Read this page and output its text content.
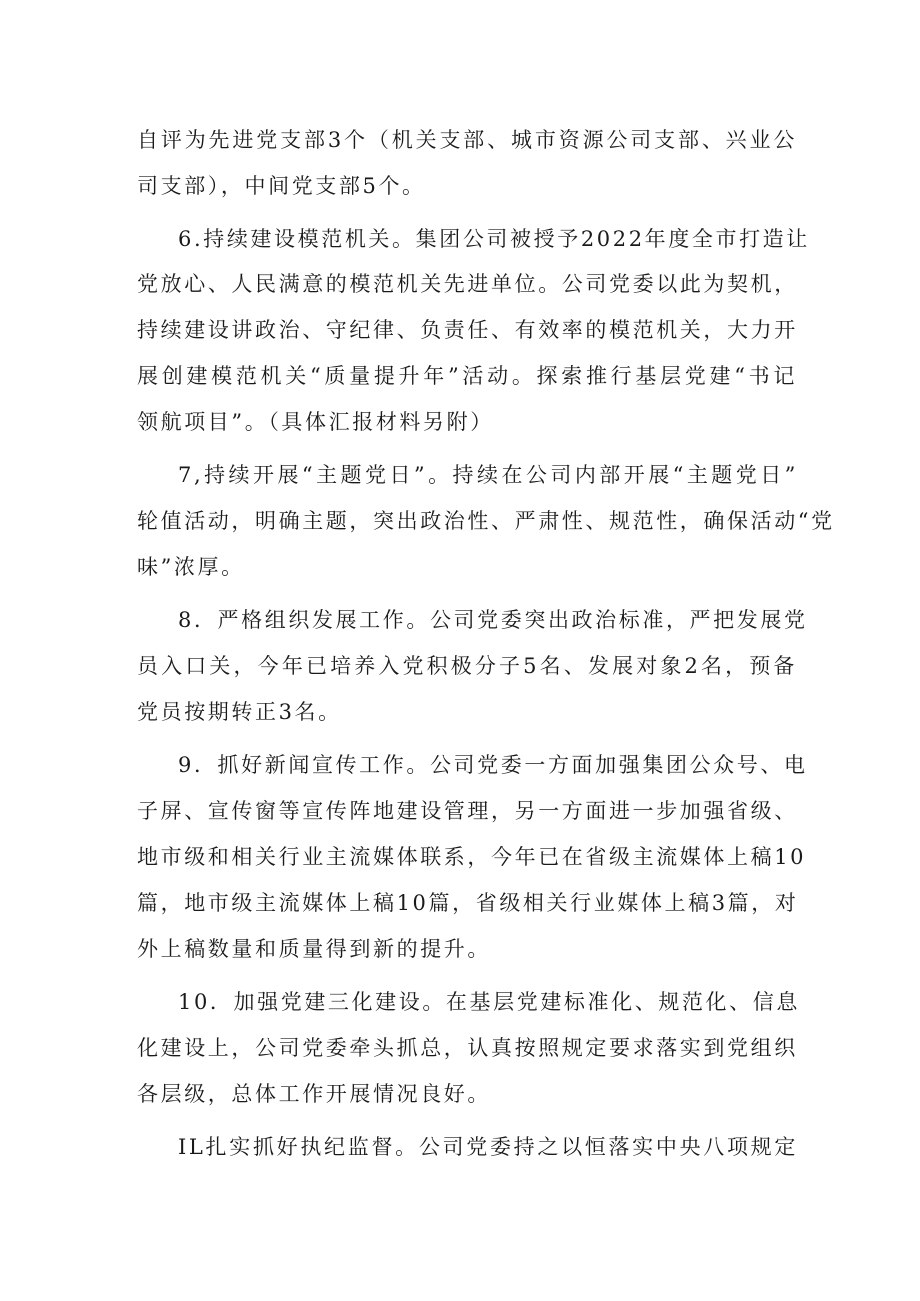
自评为先进党支部3个（机关支部、城市资源公司支部、兴业公
司支部），中间党支部5个。
6.持续建设模范机关。集团公司被授予2022年度全市打造让
党放心、人民满意的模范机关先进单位。公司党委以此为契机，
持续建设讲政治、守纪律、负责任、有效率的模范机关，大力开
展创建模范机关“质量提升年”活动。探索推行基层党建“书记
领航项目”。（具体汇报材料另附）
7,持续开展“主题党日”。持续在公司内部开展“主题党日”
轮值活动，明确主题，突出政治性、严肃性、规范性，确保活动“党
味”浓厚。
8．严格组织发展工作。公司党委突出政治标准，严把发展党
员入口关，今年已培养入党积极分子5名、发展对象2名，预备
党员按期转正3名。
9．抓好新闻宣传工作。公司党委一方面加强集团公众号、电
子屏、宣传窗等宣传阵地建设管理，另一方面进一步加强省级、
地市级和相关行业主流媒体联系，今年已在省级主流媒体上稿10
篇，地市级主流媒体上稿10篇，省级相关行业媒体上稿3篇，对
外上稿数量和质量得到新的提升。
10．加强党建三化建设。在基层党建标准化、规范化、信息
化建设上，公司党委牵头抓总，认真按照规定要求落实到党组织
各层级，总体工作开展情况良好。
IL扎实抓好执纪监督。公司党委持之以恒落实中央八项规定
